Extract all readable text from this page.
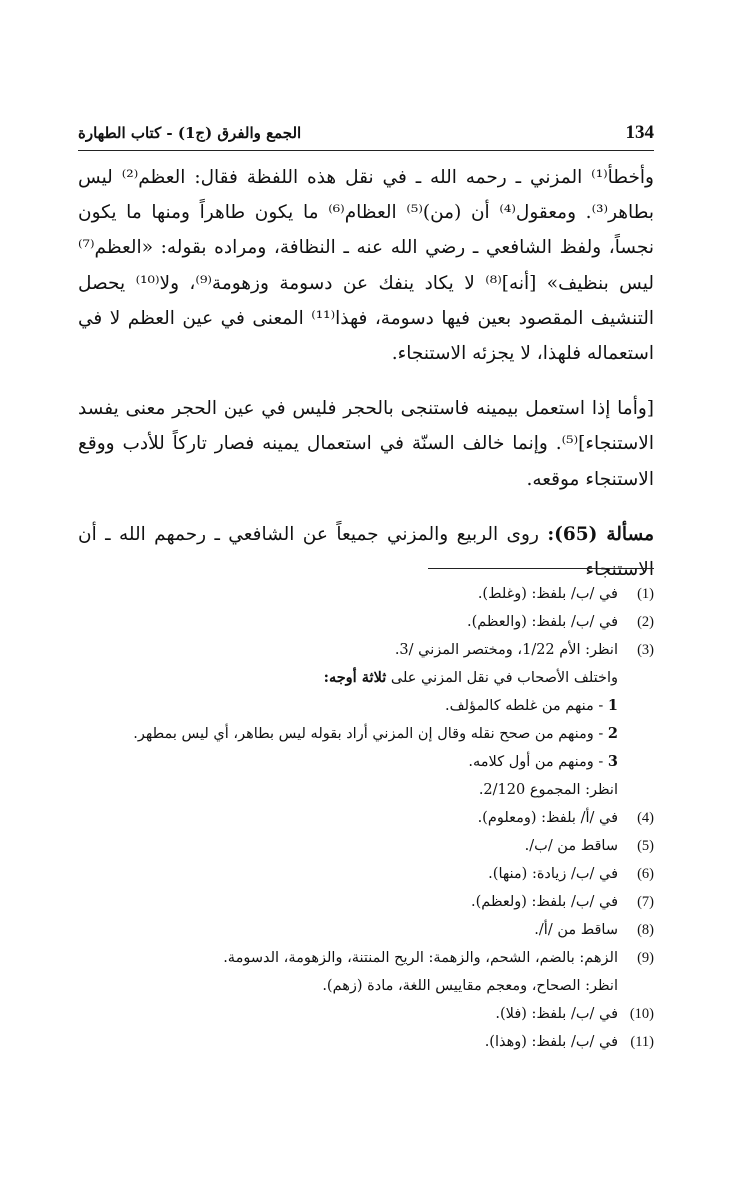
134
الجمع والفرق (ج1) - كتاب الطهارة

وأخطأ⁽¹⁾ المزني ـ رحمه الله ـ في نقل هذه اللفظة فقال: العظم⁽²⁾ ليس بطاهر⁽³⁾. ومعقول⁽⁴⁾ أن (من)⁽⁵⁾ العظام⁽⁶⁾ ما يكون طاهراً ومنها ما يكون نجساً، ولفظ الشافعي ـ رضي الله عنه ـ النظافة، ومراده بقوله: «العظم⁽⁷⁾ ليس بنظيف» [أنه]⁽⁸⁾ لا يكاد ينفك عن دسومة وزهومة⁽⁹⁾، ولا⁽¹⁰⁾ يحصل التنشيف المقصود بعين فيها دسومة، فهذا⁽¹¹⁾ المعنى في عين العظم لا في استعماله فلهذا، لا يجزئه الاستنجاء.

[وأما إذا استعمل بيمينه فاستنجى بالحجر فليس في عين الحجر معنى يفسد الاستنجاء]⁽⁵⁾. وإنما خالف السنّة في استعمال يمينه فصار تاركاً للأدب ووقع الاستنجاء موقعه.

مسألة (65): روى الربيع والمزني جميعاً عن الشافعي ـ رحمهم الله ـ أن الاستنجاء

(1)
في /ب/ بلفظ: (وغلط).
(2)
في /ب/ بلفظ: (والعظم).
(3)
انظر: الأم 1/22، ومختصر المزني /3.
واختلف الأصحاب في نقل المزني على ثلاثة أوجه:
1 - منهم من غلطه كالمؤلف.
2 - ومنهم من صحح نقله وقال إن المزني أراد بقوله ليس بطاهر، أي ليس بمطهر.
3 - ومنهم من أول كلامه.
انظر: المجموع 2/120.
(4)
في /أ/ بلفظ: (ومعلوم).
(5)
ساقط من /ب/.
(6)
في /ب/ زيادة: (منها).
(7)
في /ب/ بلفظ: (ولعظم).
(8)
ساقط من /أ/.
(9)
الزهم: بالضم، الشحم، والزهمة: الريح المنتنة، والزهومة، الدسومة.
انظر: الصحاح، ومعجم مقاييس اللغة، مادة (زهم).
(10)
في /ب/ بلفظ: (فلا).
(11)
في /ب/ بلفظ: (وهذا).
